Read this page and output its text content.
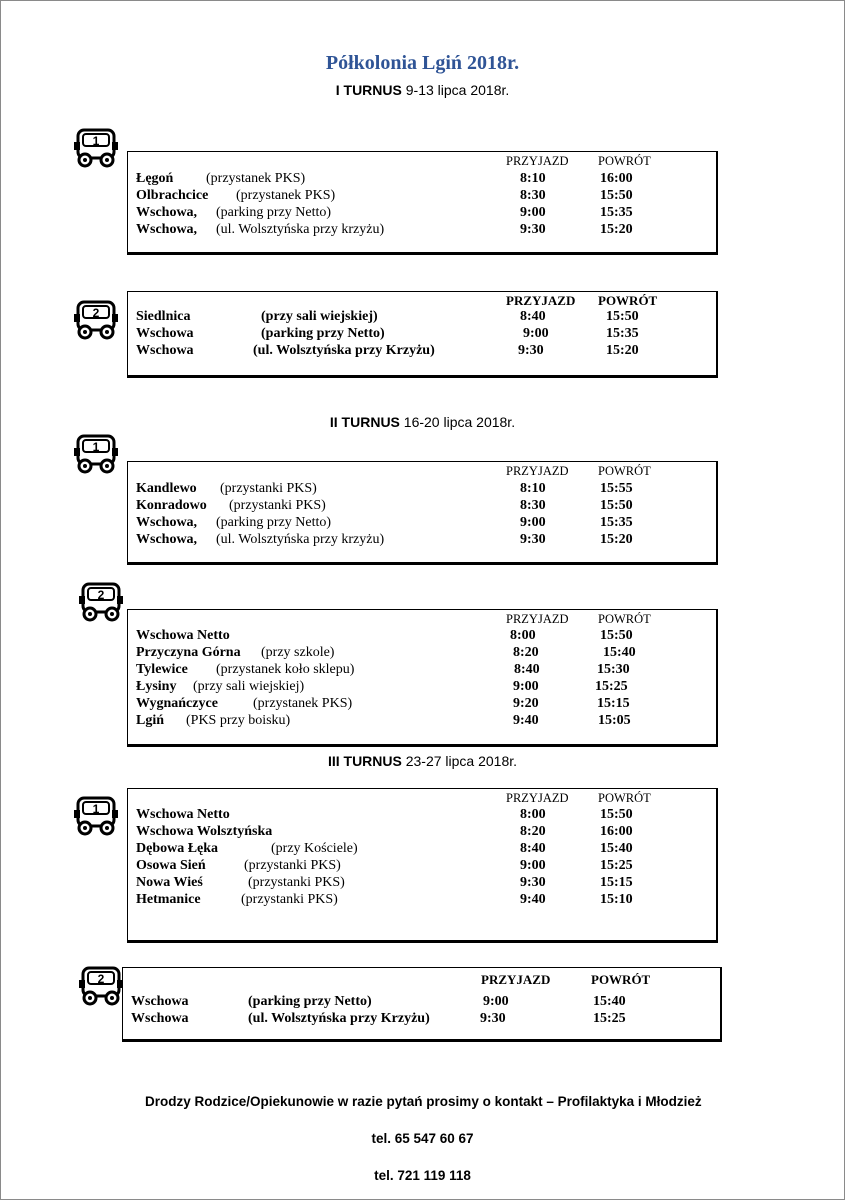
Półkolonia Lgiń 2018r.
I TURNUS 9-13 lipca 2018r.
II TURNUS 16-20 lipca 2018r.
III TURNUS 23-27 lipca 2018r.
1
PRZYJAZD POWRÓT
Łęgoń (przystanek PKS)	8:10	16:00
Olbrachcice (przystanek PKS)	8:30	15:50
Wschowa, (parking przy Netto)	9:00	15:35
Wschowa, (ul. Wolsztyńska przy krzyżu)	9:30	15:20
2
PRZYJAZD POWRÓT
Siedlnica	(przy sali wiejskiej)	8:40	15:50
Wschowa	(parking przy Netto)	9:00	15:35
Wschowa	(ul. Wolsztyńska przy Krzyżu)	9:30	15:20
1
PRZYJAZD POWRÓT
Kandlewo (przystanki PKS)	8:10	15:55
Konradowo (przystanki PKS)	8:30	15:50
Wschowa, (parking przy Netto)	9:00	15:35
Wschowa, (ul. Wolsztyńska przy krzyżu)	9:30	15:20
2
PRZYJAZD POWRÓT
Wschowa Netto	8:00	15:50
Przyczyna Górna (przy szkole)	8:20	15:40
Tylewice (przystanek koło sklepu)	8:40	15:30
Łysiny (przy sali wiejskiej)	9:00	15:25
Wygnańczyce	(przystanek PKS)	9:20	15:15
Lgiń (PKS przy boisku)	9:40	15:05
1
PRZYJAZD POWRÓT
Wschowa Netto	8:00	15:50
Wschowa Wolsztyńska	8:20	16:00
Dębowa Łęka	(przy Kościele)	8:40	15:40
Osowa Sień	(przystanki PKS)	9:00	15:25
Nowa Wieś	(przystanki PKS)	9:30	15:15
Hetmanice	(przystanki PKS)	9:40	15:10
2	PRZYJAZD	POWRÓT
Wschowa	(parking przy Netto)	9:00	15:40
Wschowa	(ul. Wolsztyńska przy Krzyżu)	9:30	15:25
Drodzy Rodzice/Opiekunowie w razie pytań prosimy o kontakt – Profilaktyka i Młodzież
tel. 65 547 60 67
tel. 721 119 118
